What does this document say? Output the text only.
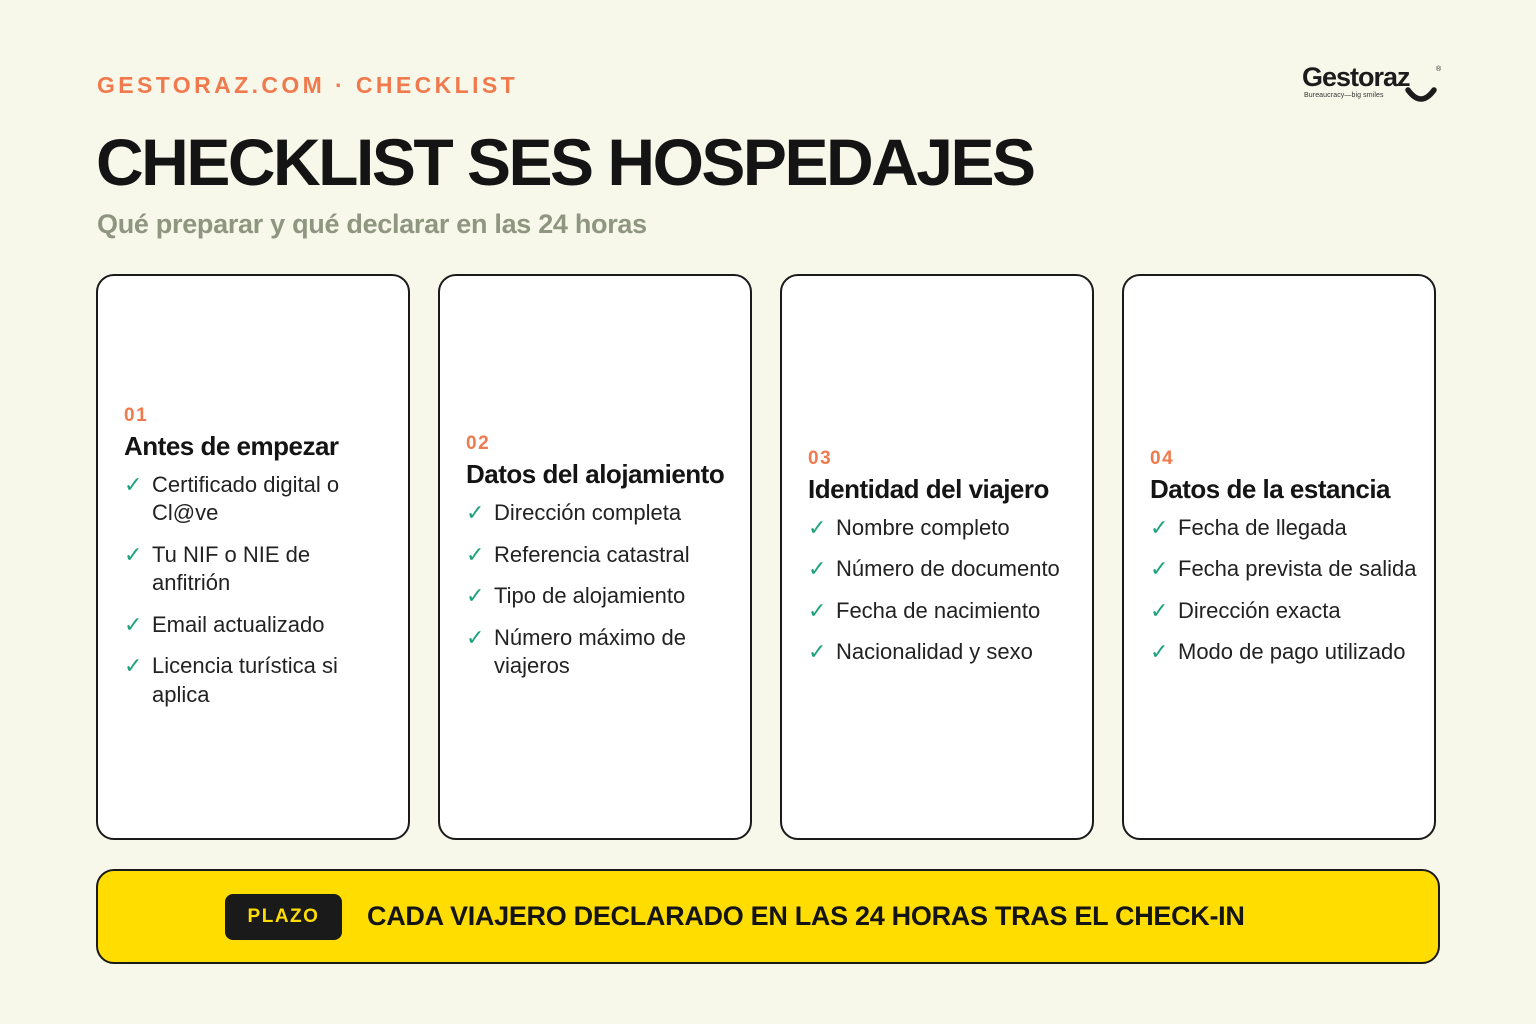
GESTORAZ.COM · CHECKLIST	Gestoraz	®
Bureaucracy—big smiles
CHECKLIST SES HOSPEDAJES
Qué preparar y qué declarar en las 24 horas
01
Antes de empezar
✓ Certificado digital o Cl@ve
✓ Tu NIF o NIE de anfitrión
✓ Email actualizado
✓ Licencia turística si aplica
02
Datos del alojamiento
✓ Dirección completa
✓ Referencia catastral
✓ Tipo de alojamiento
✓ Número máximo de viajeros
03
Identidad del viajero
✓ Nombre completo
✓ Número de documento
✓ Fecha de nacimiento
✓ Nacionalidad y sexo
04
Datos de la estancia
✓ Fecha de llegada
✓ Fecha prevista de salida
✓ Dirección exacta
✓ Modo de pago utilizado
PLAZO	CADA VIAJERO DECLARADO EN LAS 24 HORAS TRAS EL CHECK-IN
